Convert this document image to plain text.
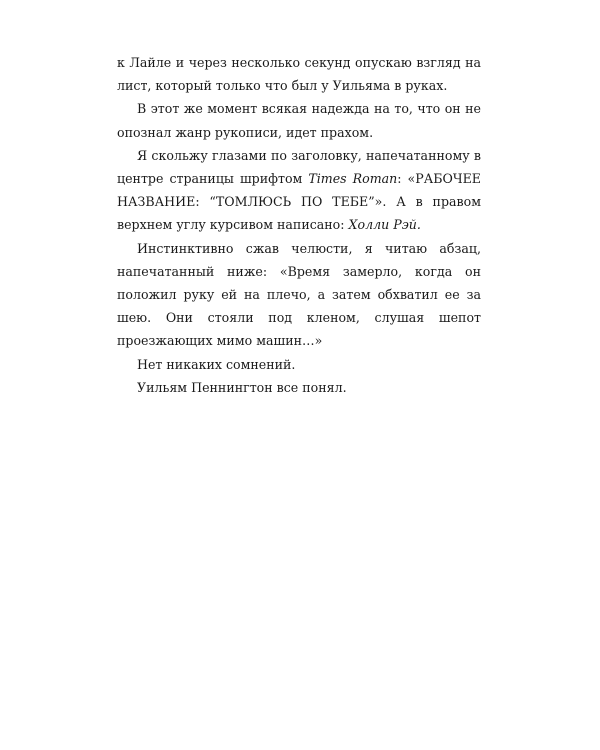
к Лайле и через несколько секунд опускаю взгляд на лист, который только что был у Уильяма в руках.

В этот же момент всякая надежда на то, что он не опознал жанр рукописи, идет прахом.

Я скольжу глазами по заголовку, напечатанному в центре страницы шрифтом Times Roman: «РАБОЧЕЕ НАЗВАНИЕ: “ТОМЛЮСЬ ПО ТЕБЕ”». А в правом верхнем углу курсивом написано: Холли Рэй.

Инстинктивно сжав челюсти, я читаю абзац, напечатанный ниже: «Время замерло, когда он положил руку ей на плечо, а затем обхватил ее за шею. Они стояли под кленом, слушая шепот проезжающих мимо машин…»

Нет никаких сомнений.

Уильям Пеннингтон все понял.
